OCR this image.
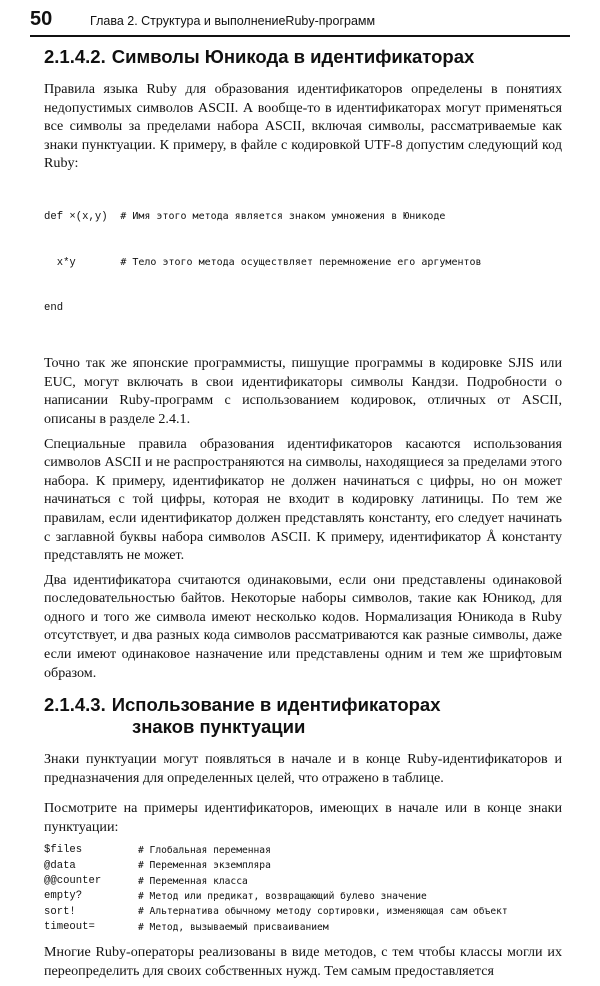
50	Глава 2. Структура и выполнениеRuby-программ
2.1.4.2. Символы Юникода в идентификаторах

Правила языка Ruby для образования идентификаторов определены в понятиях недопустимых символов ASCII. А вообще-то в идентификаторах могут применяться все символы за пределами набора ASCII, включая символы, рассматриваемые как знаки пунктуации. К примеру, в файле с кодировкой UTF-8 допустим следующий код Ruby:

def ×(x,y) # Имя этого метода является знаком умножения в Юникоде

x*y	# Тело этого метода осуществляет перемножение его аргументов

end

Точно так же японские программисты, пишущие программы в кодировке SJIS или EUC, могут включать в свои идентификаторы символы Кандзи. Подробности о написании Ruby-программ с использованием кодировок, отличных от ASCII, описаны в разделе 2.4.1.

Специальные правила образования идентификаторов касаются использования символов ASCII и не распространяются на символы, находящиеся за пределами этого набора. К примеру, идентификатор не должен начинаться с цифры, но он может начинаться с той цифры, которая не входит в кодировку латиницы. По тем же правилам, если идентификатор должен представлять константу, его следует начинать с заглавной буквы набора символов ASCII. К примеру, идентификатор Å константу представлять не может.

Два идентификатора считаются одинаковыми, если они представлены одинаковой последовательностью байтов. Некоторые наборы символов, такие как Юникод, для одного и того же символа имеют несколько кодов. Нормализация Юникода в Ruby отсутствует, и два разных кода символов рассматриваются как разные символы, даже если имеют одинаковое назначение или представлены одним и тем же шрифтовым образом.

2.1.4.3. Использование в идентификаторах
знаков пунктуации

Знаки пунктуации могут появляться в начале и в конце Ruby-идентификаторов и предназначения для определенных целей, что отражено в таблице.

Посмотрите на примеры идентификаторов, имеющих в начале или в конце знаки пунктуации:

$files	# Глобальная переменная
@data	# Переменная экземпляра
@@counter	# Переменная класса
empty?	# Метод или предикат, возвращающий булево значение
sort!	# Альтернатива обычному методу сортировки, изменяющая сам объект
timeout=	# Метод, вызываемый присваиванием

Многие Ruby-операторы реализованы в виде методов, с тем чтобы классы могли их переопределить для своих собственных нужд. Тем самым предоставляется
